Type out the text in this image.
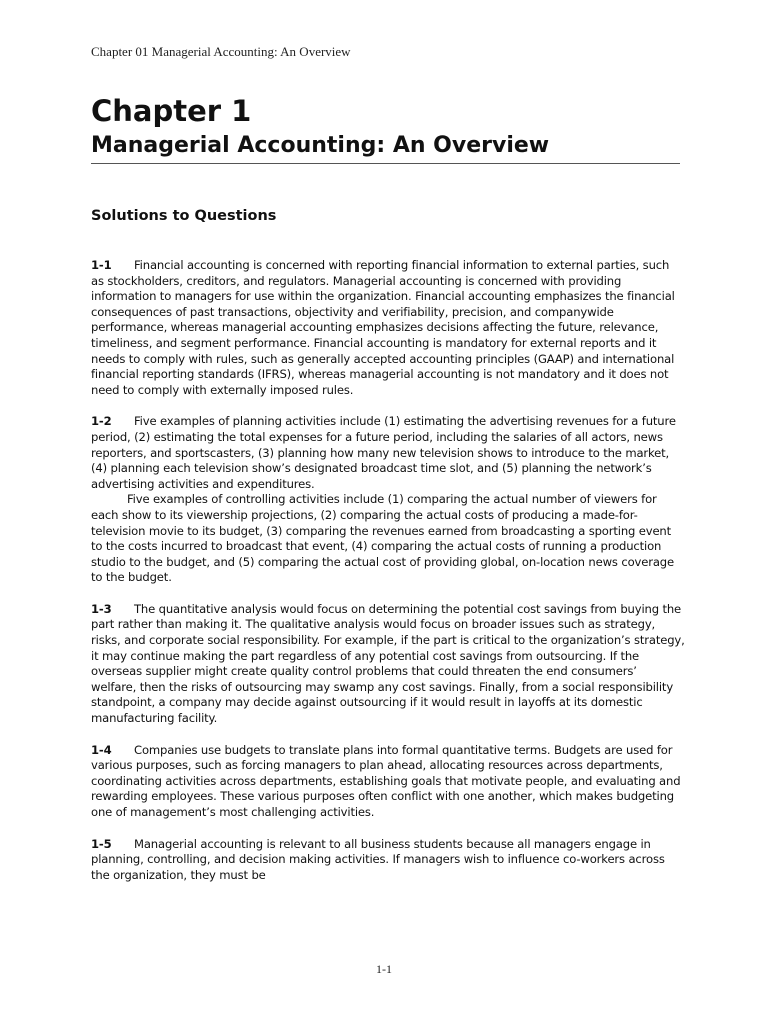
Chapter 01 Managerial Accounting: An Overview
Chapter 1
Managerial Accounting: An Overview
Solutions to Questions

1-1 Financial accounting is concerned with reporting financial information to external parties, such as stockholders, creditors, and regulators. Managerial accounting is concerned with providing information to managers for use within the organization. Financial accounting emphasizes the financial consequences of past transactions, objectivity and verifiability, precision, and companywide performance, whereas managerial accounting emphasizes decisions affecting the future, relevance, timeliness, and segment performance. Financial accounting is mandatory for external reports and it needs to comply with rules, such as generally accepted accounting principles (GAAP) and international financial reporting standards (IFRS), whereas managerial accounting is not mandatory and it does not need to comply with externally imposed rules.

1-2 Five examples of planning activities include (1) estimating the advertising revenues for a future period, (2) estimating the total expenses for a future period, including the salaries of all actors, news reporters, and sportscasters, (3) planning how many new television shows to introduce to the market, (4) planning each television show’s designated broadcast time slot, and (5) planning the network’s advertising activities and expenditures.

Five examples of controlling activities include (1) comparing the actual number of viewers for each show to its viewership projections, (2) comparing the actual costs of producing a made-for-television movie to its budget, (3) comparing the revenues earned from broadcasting a sporting event to the costs incurred to broadcast that event, (4) comparing the actual costs of running a production studio to the budget, and (5) comparing the actual cost of providing global, on-location news coverage to the budget.

1-3 The quantitative analysis would focus on determining the potential cost savings from buying the part rather than making it. The qualitative analysis would focus on broader issues such as strategy, risks, and corporate social responsibility. For example, if the part is critical to the organization’s strategy, it may continue making the part regardless of any potential cost savings from outsourcing. If the overseas supplier might create quality control problems that could threaten the end consumers’ welfare, then the risks of outsourcing may swamp any cost savings. Finally, from a social responsibility standpoint, a company may decide against outsourcing if it would result in layoffs at its domestic manufacturing facility.

1-4 Companies use budgets to translate plans into formal quantitative terms. Budgets are used for various purposes, such as forcing managers to plan ahead, allocating resources across departments, coordinating activities across departments, establishing goals that motivate people, and evaluating and rewarding employees. These various purposes often conflict with one another, which makes budgeting one of management’s most challenging activities.

1-5 Managerial accounting is relevant to all business students because all managers engage in planning, controlling, and decision making activities. If managers wish to influence co-workers across the organization, they must be

1-1
